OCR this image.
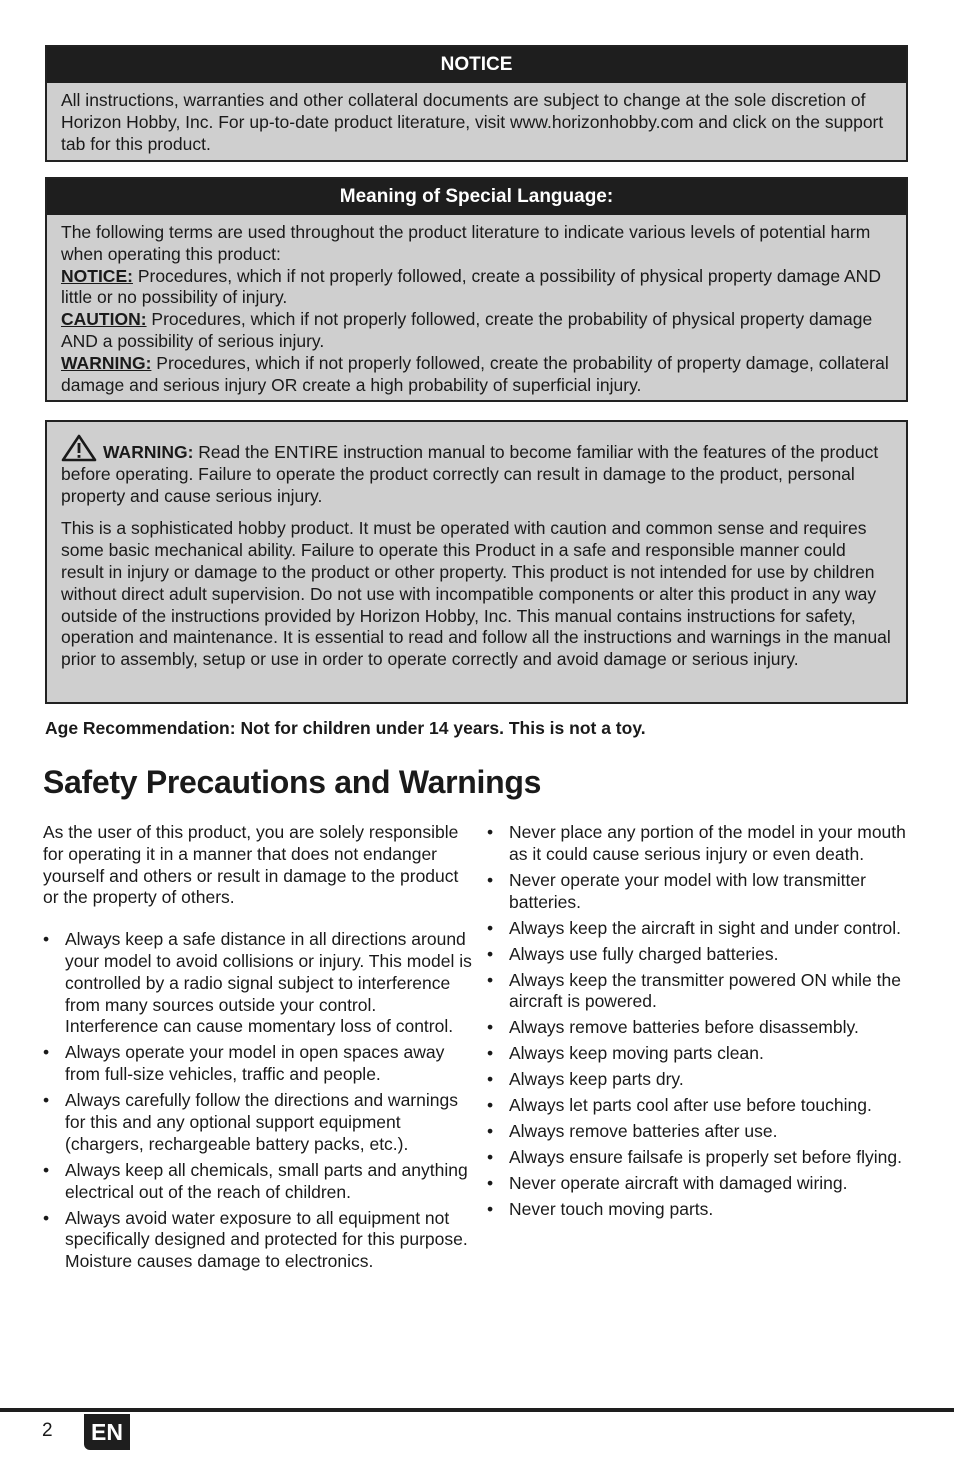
NOTICE
All instructions, warranties and other collateral documents are subject to change at the sole discretion of Horizon Hobby, Inc. For up-to-date product literature, visit www.horizonhobby.com and click on the support tab for this product.
Meaning of Special Language:

The following terms are used throughout the product literature to indicate various levels of potential harm when operating this product:

NOTICE: Procedures, which if not properly followed, create a possibility of physical property damage AND little or no possibility of injury.

CAUTION: Procedures, which if not properly followed, create the probability of physical property damage AND a possibility of serious injury.

WARNING: Procedures, which if not properly followed, create the probability of property damage, collateral damage and serious injury OR create a high probability of superficial injury.

WARNING: Read the ENTIRE instruction manual to become familiar with the features of the product before operating. Failure to operate the product correctly can result in damage to the product, personal property and cause serious injury.

This is a sophisticated hobby product. It must be operated with caution and common sense and requires some basic mechanical ability. Failure to operate this Product in a safe and responsible manner could result in injury or damage to the product or other property. This product is not intended for use by children without direct adult supervision. Do not use with incompatible components or alter this product in any way outside of the instructions provided by Horizon Hobby, Inc. This manual contains instructions for safety, operation and maintenance. It is essential to read and follow all the instructions and warnings in the manual prior to assembly, setup or use in order to operate correctly and avoid damage or serious injury.

Age Recommendation: Not for children under 14 years. This is not a toy.
Safety Precautions and Warnings

As the user of this product, you are solely responsible for operating it in a manner that does not endanger yourself and others or result in damage to the product or the property of others.

• Always keep a safe distance in all directions around your model to avoid collisions or injury. This model is controlled by a radio signal subject to interference from many sources outside your control. Interference can cause momentary loss of control.
• Always operate your model in open spaces away from full-size vehicles, traffic and people.
• Always carefully follow the directions and warnings for this and any optional support equipment (chargers, rechargeable battery packs, etc.).
• Always keep all chemicals, small parts and anything electrical out of the reach of children.
• Always avoid water exposure to all equipment not specifically designed and protected for this purpose. Moisture causes damage to electronics.
• Never place any portion of the model in your mouth as it could cause serious injury or even death.
• Never operate your model with low transmitter batteries.
• Always keep the aircraft in sight and under control.
• Always use fully charged batteries.
• Always keep the transmitter powered ON while the aircraft is powered.
• Always remove batteries before disassembly.
• Always keep moving parts clean.
• Always keep parts dry.
• Always let parts cool after use before touching.
• Always remove batteries after use.
• Always ensure failsafe is properly set before flying.
• Never operate aircraft with damaged wiring.
• Never touch moving parts.
2	EN
